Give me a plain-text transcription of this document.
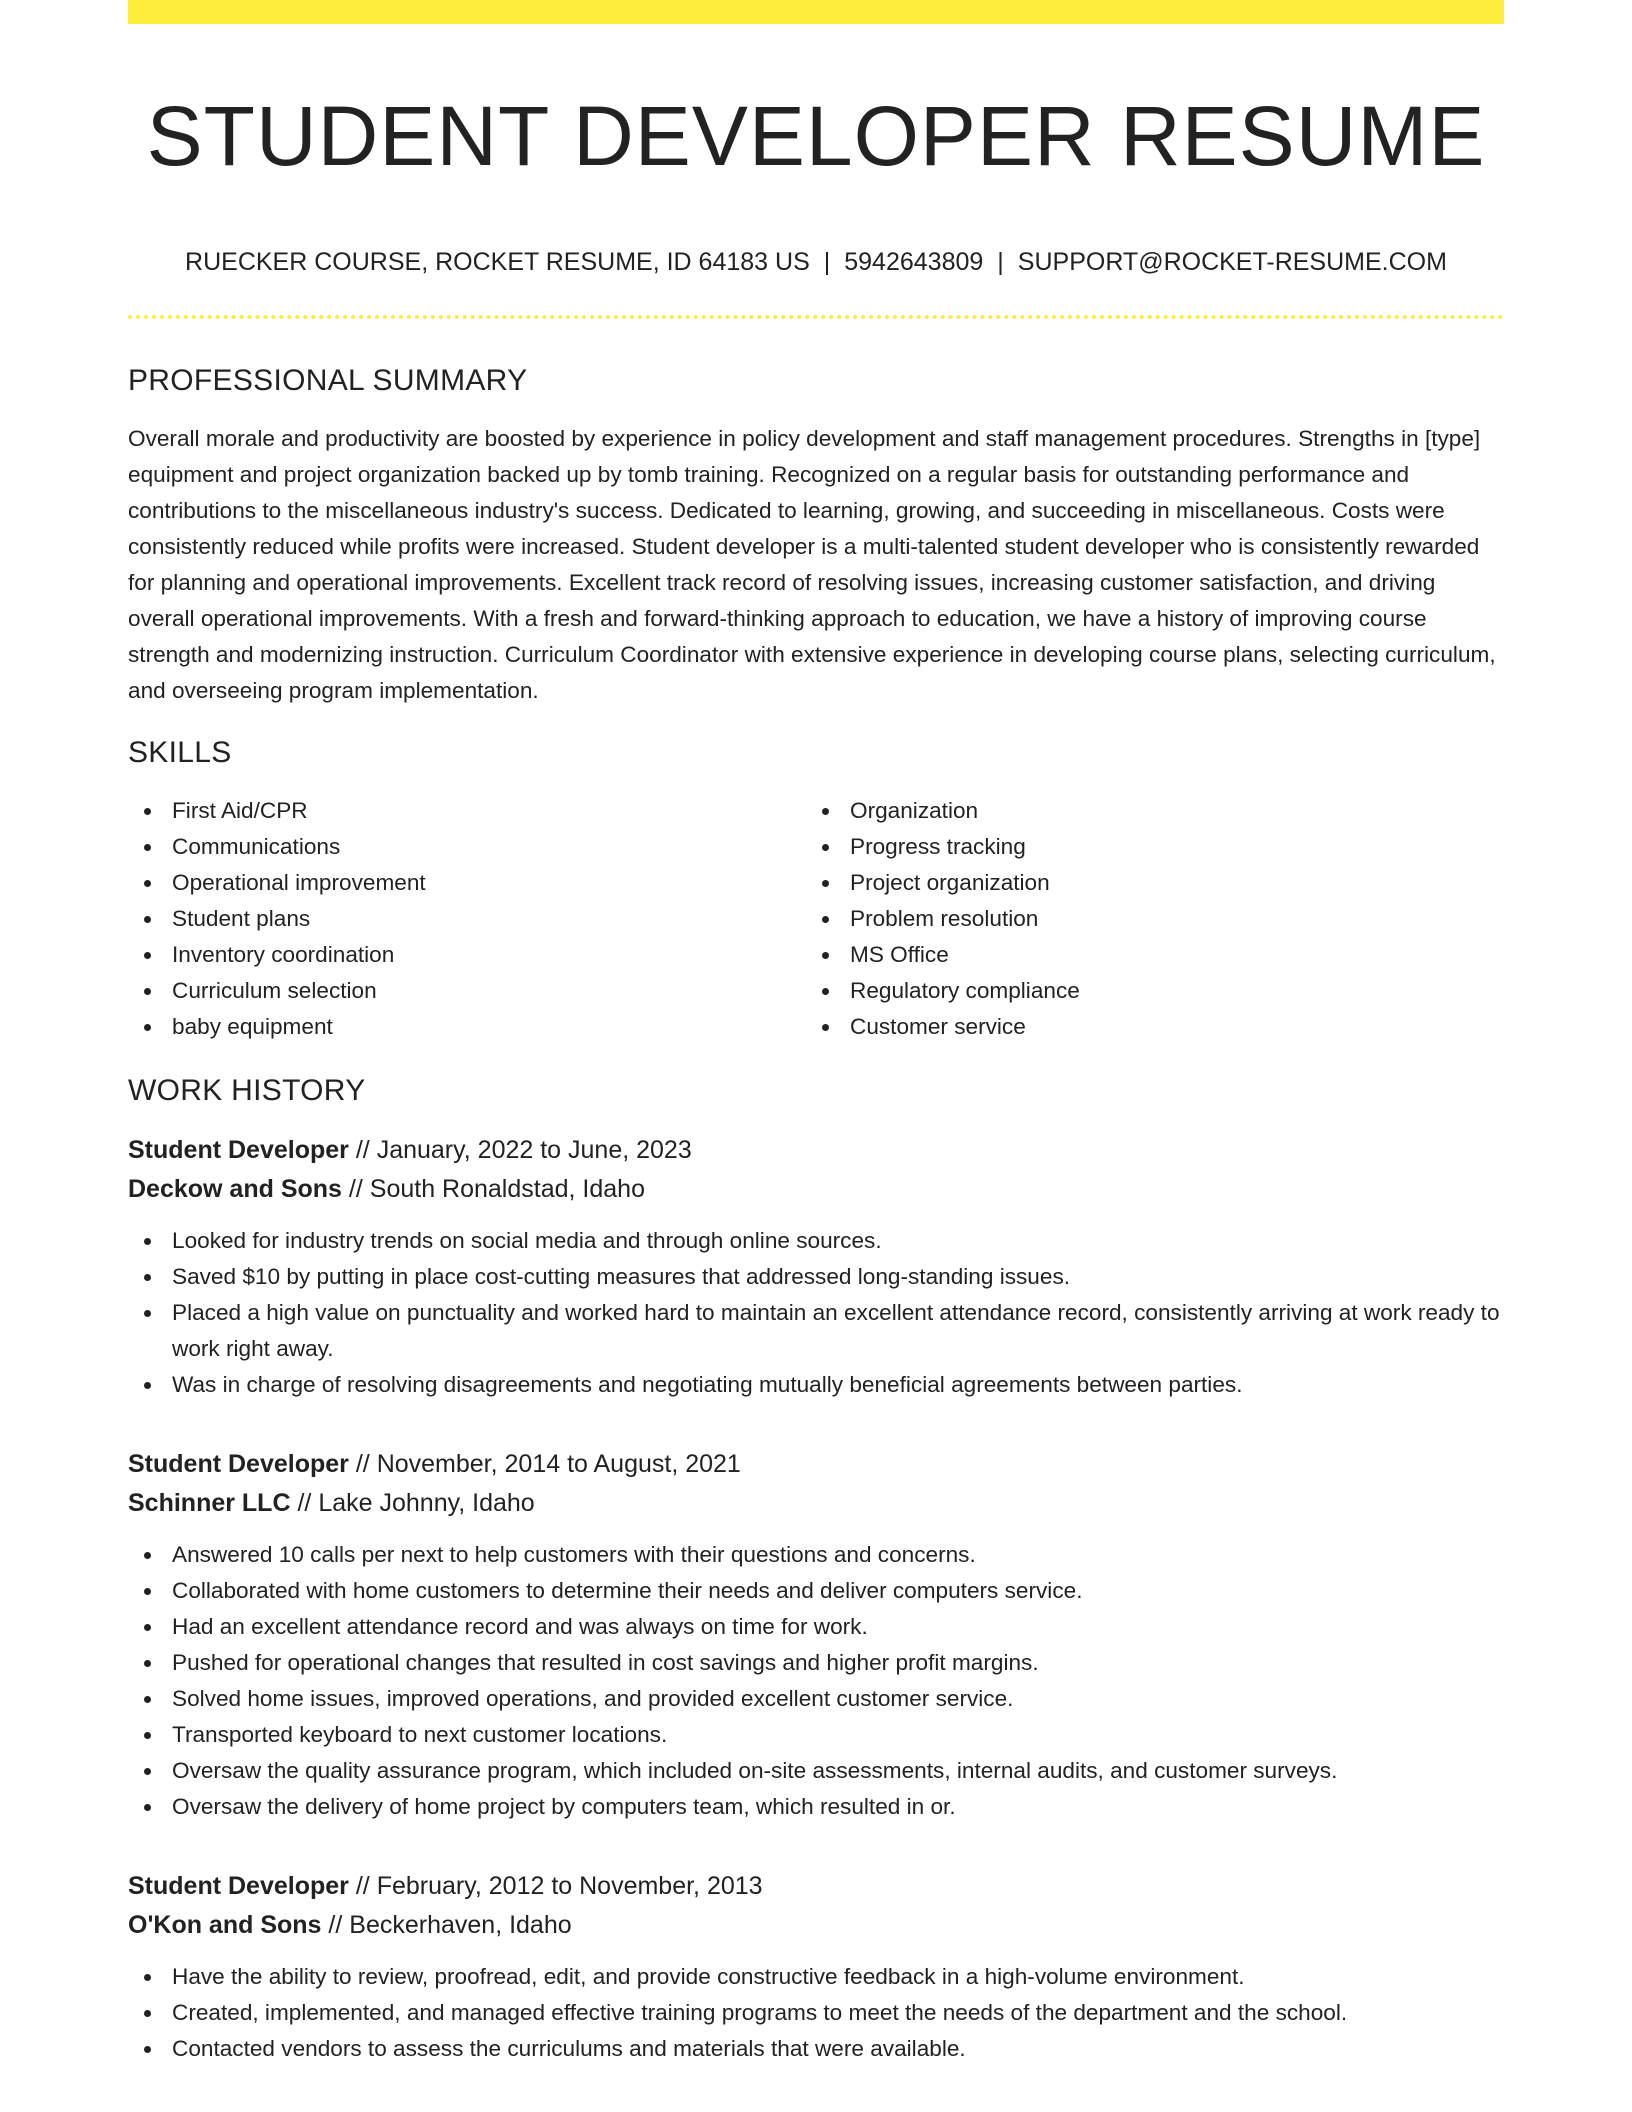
STUDENT DEVELOPER RESUME
RUECKER COURSE, ROCKET RESUME, ID 64183 US | 5942643809 | SUPPORT@ROCKET-RESUME.COM
PROFESSIONAL SUMMARY

Overall morale and productivity are boosted by experience in policy development and staff management procedures. Strengths in [type] equipment and project organization backed up by tomb training. Recognized on a regular basis for outstanding performance and contributions to the miscellaneous industry's success. Dedicated to learning, growing, and succeeding in miscellaneous. Costs were consistently reduced while profits were increased. Student developer is a multi-talented student developer who is consistently rewarded for planning and operational improvements. Excellent track record of resolving issues, increasing customer satisfaction, and driving overall operational improvements. With a fresh and forward-thinking approach to education, we have a history of improving course strength and modernizing instruction. Curriculum Coordinator with extensive experience in developing course plans, selecting curriculum, and overseeing program implementation.

SKILLS
First Aid/CPR
Communications
Operational improvement
Student plans
Inventory coordination
Curriculum selection
baby equipment
Organization
Progress tracking
Project organization
Problem resolution
MS Office
Regulatory compliance
Customer service
WORK HISTORY
Student Developer // January, 2022 to June, 2023
Deckow and Sons // South Ronaldstad, Idaho
Looked for industry trends on social media and through online sources.
Saved $10 by putting in place cost-cutting measures that addressed long-standing issues.
Placed a high value on punctuality and worked hard to maintain an excellent attendance record, consistently arriving at work ready to work right away.
Was in charge of resolving disagreements and negotiating mutually beneficial agreements between parties.
Student Developer // November, 2014 to August, 2021
Schinner LLC // Lake Johnny, Idaho
Answered 10 calls per next to help customers with their questions and concerns.
Collaborated with home customers to determine their needs and deliver computers service.
Had an excellent attendance record and was always on time for work.
Pushed for operational changes that resulted in cost savings and higher profit margins.
Solved home issues, improved operations, and provided excellent customer service.
Transported keyboard to next customer locations.
Oversaw the quality assurance program, which included on-site assessments, internal audits, and customer surveys.
Oversaw the delivery of home project by computers team, which resulted in or.
Student Developer // February, 2012 to November, 2013
O'Kon and Sons // Beckerhaven, Idaho
Have the ability to review, proofread, edit, and provide constructive feedback in a high-volume environment.
Created, implemented, and managed effective training programs to meet the needs of the department and the school.
Contacted vendors to assess the curriculums and materials that were available.
